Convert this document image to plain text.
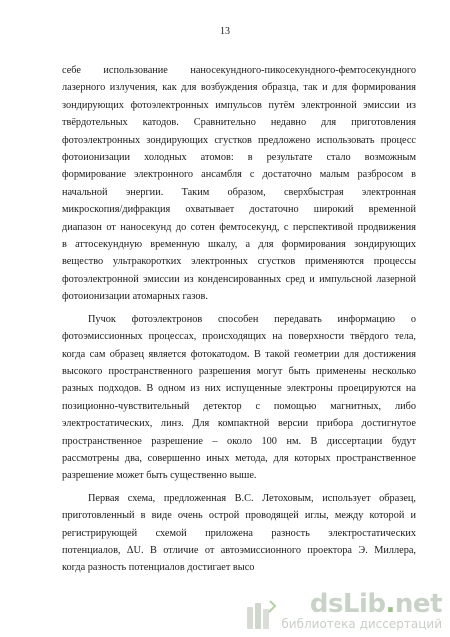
13
себе использование наносекундного-пикосекундного-фемтосекундного
лазерного излучения, как для возбуждения образца, так и для формирования
зондирующих фотоэлектронных импульсов путём электронной эмиссии из
твёрдотельных катодов. Сравнительно недавно для приготовления
фотоэлектронных зондирующих сгустков предложено использовать процесс
фотоионизации холодных атомов: в результате стало возможным
формирование электронного ансамбля с достаточно малым разбросом в
начальной энергии. Таким образом, сверхбыстрая электронная
микроскопия/дифракция охватывает достаточно широкий временной
диапазон от наносекунд до сотен фемтосекунд, с перспективой продвижения
в аттосекундную временную шкалу, а для формирования зондирующих
вещество ультракоротких электронных сгустков применяются процессы
фотоэлектронной эмиссии из конденсированных сред и импульсной лазерной
фотоионизации атомарных газов.
Пучок фотоэлектронов способен передавать информацию о
фотоэмиссионных процессах, происходящих на поверхности твёрдого тела,
когда сам образец является фотокатодом. В такой геометрии для достижения
высокого пространственного разрешения могут быть применены несколько
разных подходов. В одном из них испущенные электроны проецируются на
позиционно-чувствительный детектор с помощью магнитных, либо
электростатических, линз. Для компактной версии прибора достигнутое
пространственное разрешение – около 100 нм. В диссертации будут
рассмотрены два, совершенно иных метода, для которых пространственное
разрешение может быть существенно выше.
Первая схема, предложенная В.С. Летоховым, использует образец,
приготовленный в виде очень острой проводящей иглы, между которой и
регистрирующей схемой приложена разность электростатических
потенциалов, ΔU. В отличие от автоэмиссионного проектора Э. Миллера,
когда разность потенциалов достигает высо
dsLib.net
библиотека диссертаций
